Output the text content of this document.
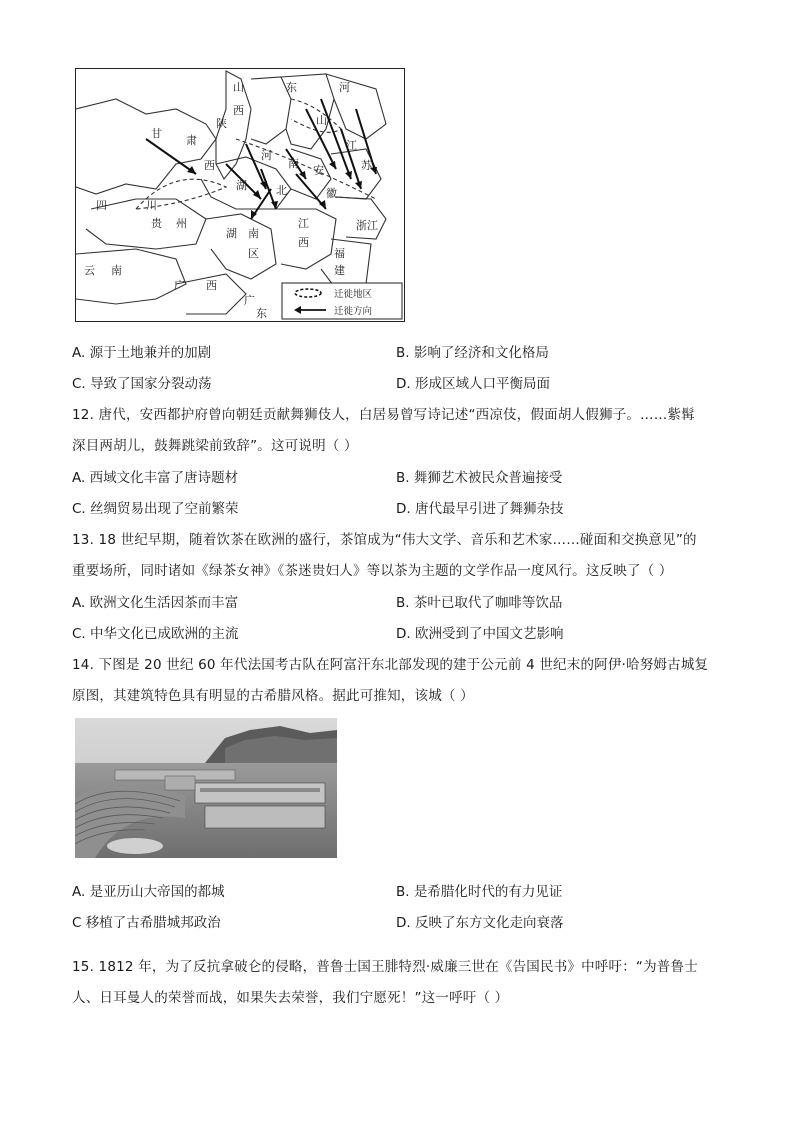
甘
肃
陕
西
山
西
河
东
山
河
南
四	川
湖	北
安
徽
江
苏
湖 南
区
江
西
浙江
福
建
贵 州
云 南
广 西
广
东
迁徙地区
迁徙方向
A. 源于土地兼并的加剧	B. 影响了经济和文化格局
C. 导致了国家分裂动荡	D. 形成区域人口平衡局面
12. 唐代，安西都护府曾向朝廷贡献舞狮伎人，白居易曾写诗记述“西凉伎，假面胡人假狮子。……紫髯
深目两胡儿，鼓舞跳梁前致辞”。这可说明（ ）
A. 西域文化丰富了唐诗题材	B. 舞狮艺术被民众普遍接受
C. 丝绸贸易出现了空前繁荣	D. 唐代最早引进了舞狮杂技
13. 18 世纪早期，随着饮茶在欧洲的盛行，茶馆成为“伟大文学、音乐和艺术家……碰面和交换意见”的
重要场所，同时诸如《绿茶女神》《茶迷贵妇人》等以茶为主题的文学作品一度风行。这反映了（ ）
A. 欧洲文化生活因茶而丰富	B. 茶叶已取代了咖啡等饮品
C. 中华文化已成欧洲的主流	D. 欧洲受到了中国文艺影响
14. 下图是 20 世纪 60 年代法国考古队在阿富汗东北部发现的建于公元前 4 世纪末的阿伊·哈努姆古城复
原图，其建筑特色具有明显的古希腊风格。据此可推知，该城（ ）
A. 是亚历山大帝国的都城	B. 是希腊化时代的有力见证
C 移植了古希腊城邦政治	D. 反映了东方文化走向衰落
15. 1812 年，为了反抗拿破仑的侵略，普鲁士国王腓特烈·威廉三世在《告国民书》中呼吁：“为普鲁士
人、日耳曼人的荣誉而战，如果失去荣誉，我们宁愿死！”这一呼吁（ ）
